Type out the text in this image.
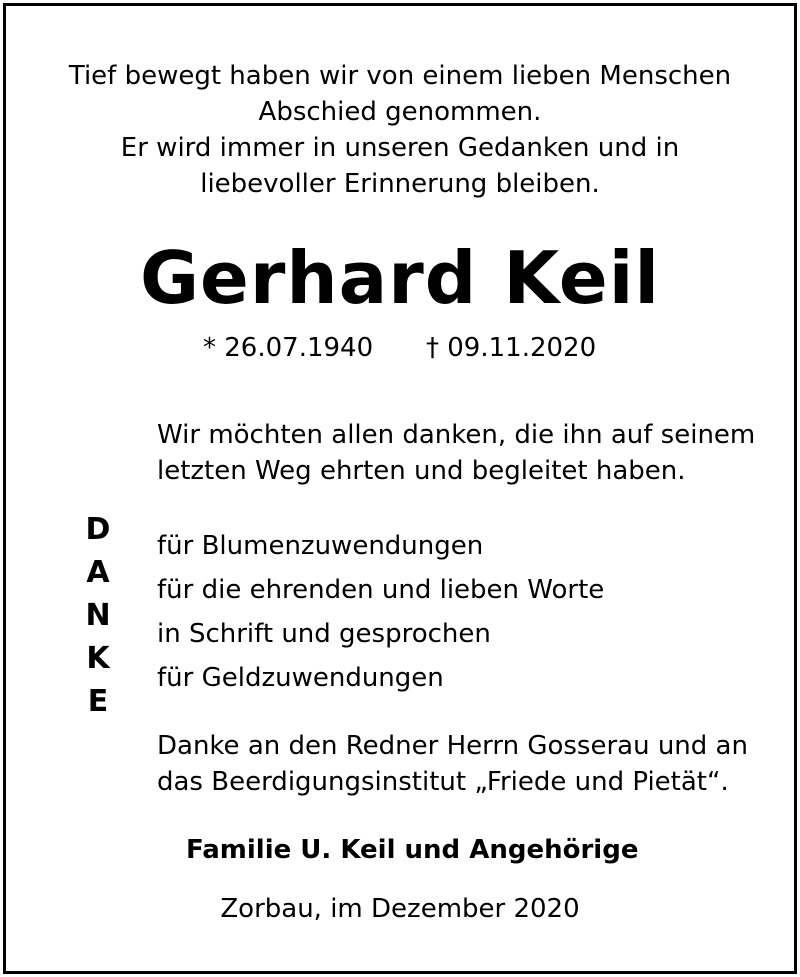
Tief bewegt haben wir von einem lieben Menschen
Abschied genommen.
Er wird immer in unseren Gedanken und in
liebevoller Erinnerung bleiben.
Gerhard Keil
* 26.07.1940 † 09.11.2020
Wir möchten allen danken, die ihn auf seinem
letzten Weg ehrten und begleitet haben.
D
A
N
K
E
für Blumenzuwendungen
für die ehrenden und lieben Worte
in Schrift und gesprochen
für Geldzuwendungen
Danke an den Redner Herrn Gosserau und an
das Beerdigungsinstitut „Friede und Pietät“.
Familie U. Keil und Angehörige
Zorbau, im Dezember 2020
